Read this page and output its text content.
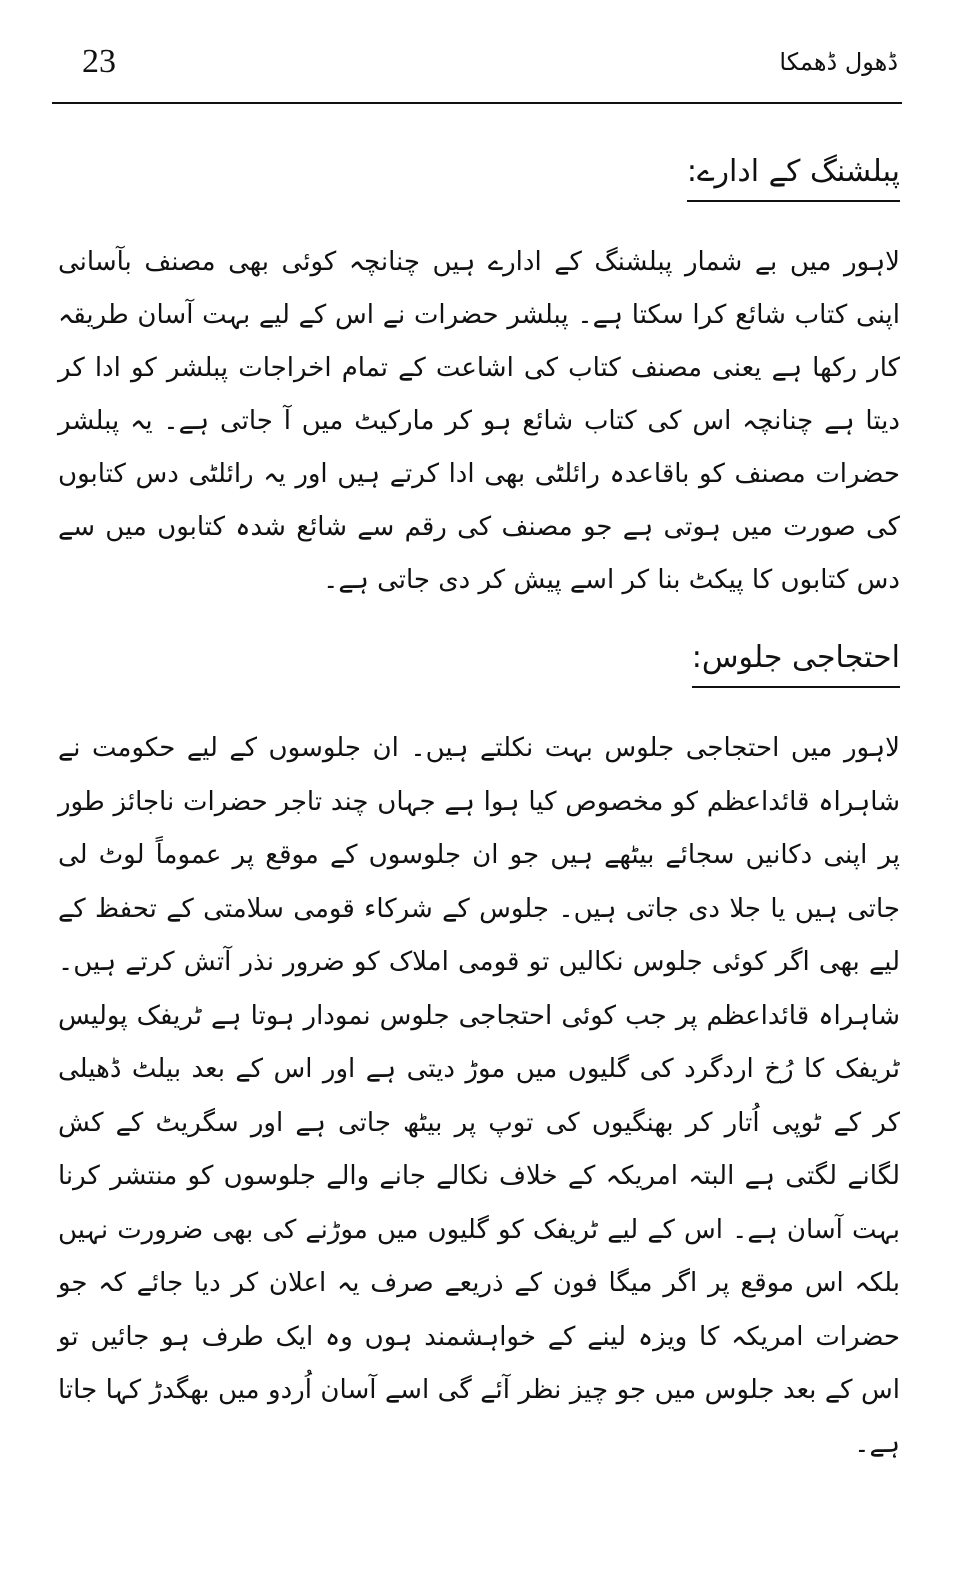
23	ڈھول ڈھمکا
پبلشنگ کے ادارے:
لاہور میں بے شمار پبلشنگ کے ادارے ہیں چنانچہ کوئی بھی مصنف بآسانی اپنی کتاب شائع کرا سکتا ہے۔ پبلشر حضرات نے اس کے لیے بہت آسان طریقہ کار رکھا ہے یعنی مصنف کتاب کی اشاعت کے تمام اخراجات پبلشر کو ادا کر دیتا ہے چنانچہ اس کی کتاب شائع ہو کر مارکیٹ میں آ جاتی ہے۔ یہ پبلشر حضرات مصنف کو باقاعدہ رائلٹی بھی ادا کرتے ہیں اور یہ رائلٹی دس کتابوں کی صورت میں ہوتی ہے جو مصنف کی رقم سے شائع شدہ کتابوں میں سے دس کتابوں کا پیکٹ بنا کر اسے پیش کر دی جاتی ہے۔
احتجاجی جلوس:
لاہور میں احتجاجی جلوس بہت نکلتے ہیں۔ ان جلوسوں کے لیے حکومت نے شاہراہ قائداعظم کو مخصوص کیا ہوا ہے جہاں چند تاجر حضرات ناجائز طور پر اپنی دکانیں سجائے بیٹھے ہیں جو ان جلوسوں کے موقع پر عموماً لوٹ لی جاتی ہیں یا جلا دی جاتی ہیں۔ جلوس کے شرکاء قومی سلامتی کے تحفظ کے لیے بھی اگر کوئی جلوس نکالیں تو قومی املاک کو ضرور نذر آتش کرتے ہیں۔ شاہراہ قائداعظم پر جب کوئی احتجاجی جلوس نمودار ہوتا ہے ٹریفک پولیس ٹریفک کا رُخ اردگرد کی گلیوں میں موڑ دیتی ہے اور اس کے بعد بیلٹ ڈھیلی کر کے ٹوپی اُتار کر بھنگیوں کی توپ پر بیٹھ جاتی ہے اور سگریٹ کے کش لگانے لگتی ہے البتہ امریکہ کے خلاف نکالے جانے والے جلوسوں کو منتشر کرنا بہت آسان ہے۔ اس کے لیے ٹریفک کو گلیوں میں موڑنے کی بھی ضرورت نہیں بلکہ اس موقع پر اگر میگا فون کے ذریعے صرف یہ اعلان کر دیا جائے کہ جو حضرات امریکہ کا ویزہ لینے کے خواہشمند ہوں وہ ایک طرف ہو جائیں تو اس کے بعد جلوس میں جو چیز نظر آئے گی اسے آسان اُردو میں بھگدڑ کہا جاتا ہے۔
